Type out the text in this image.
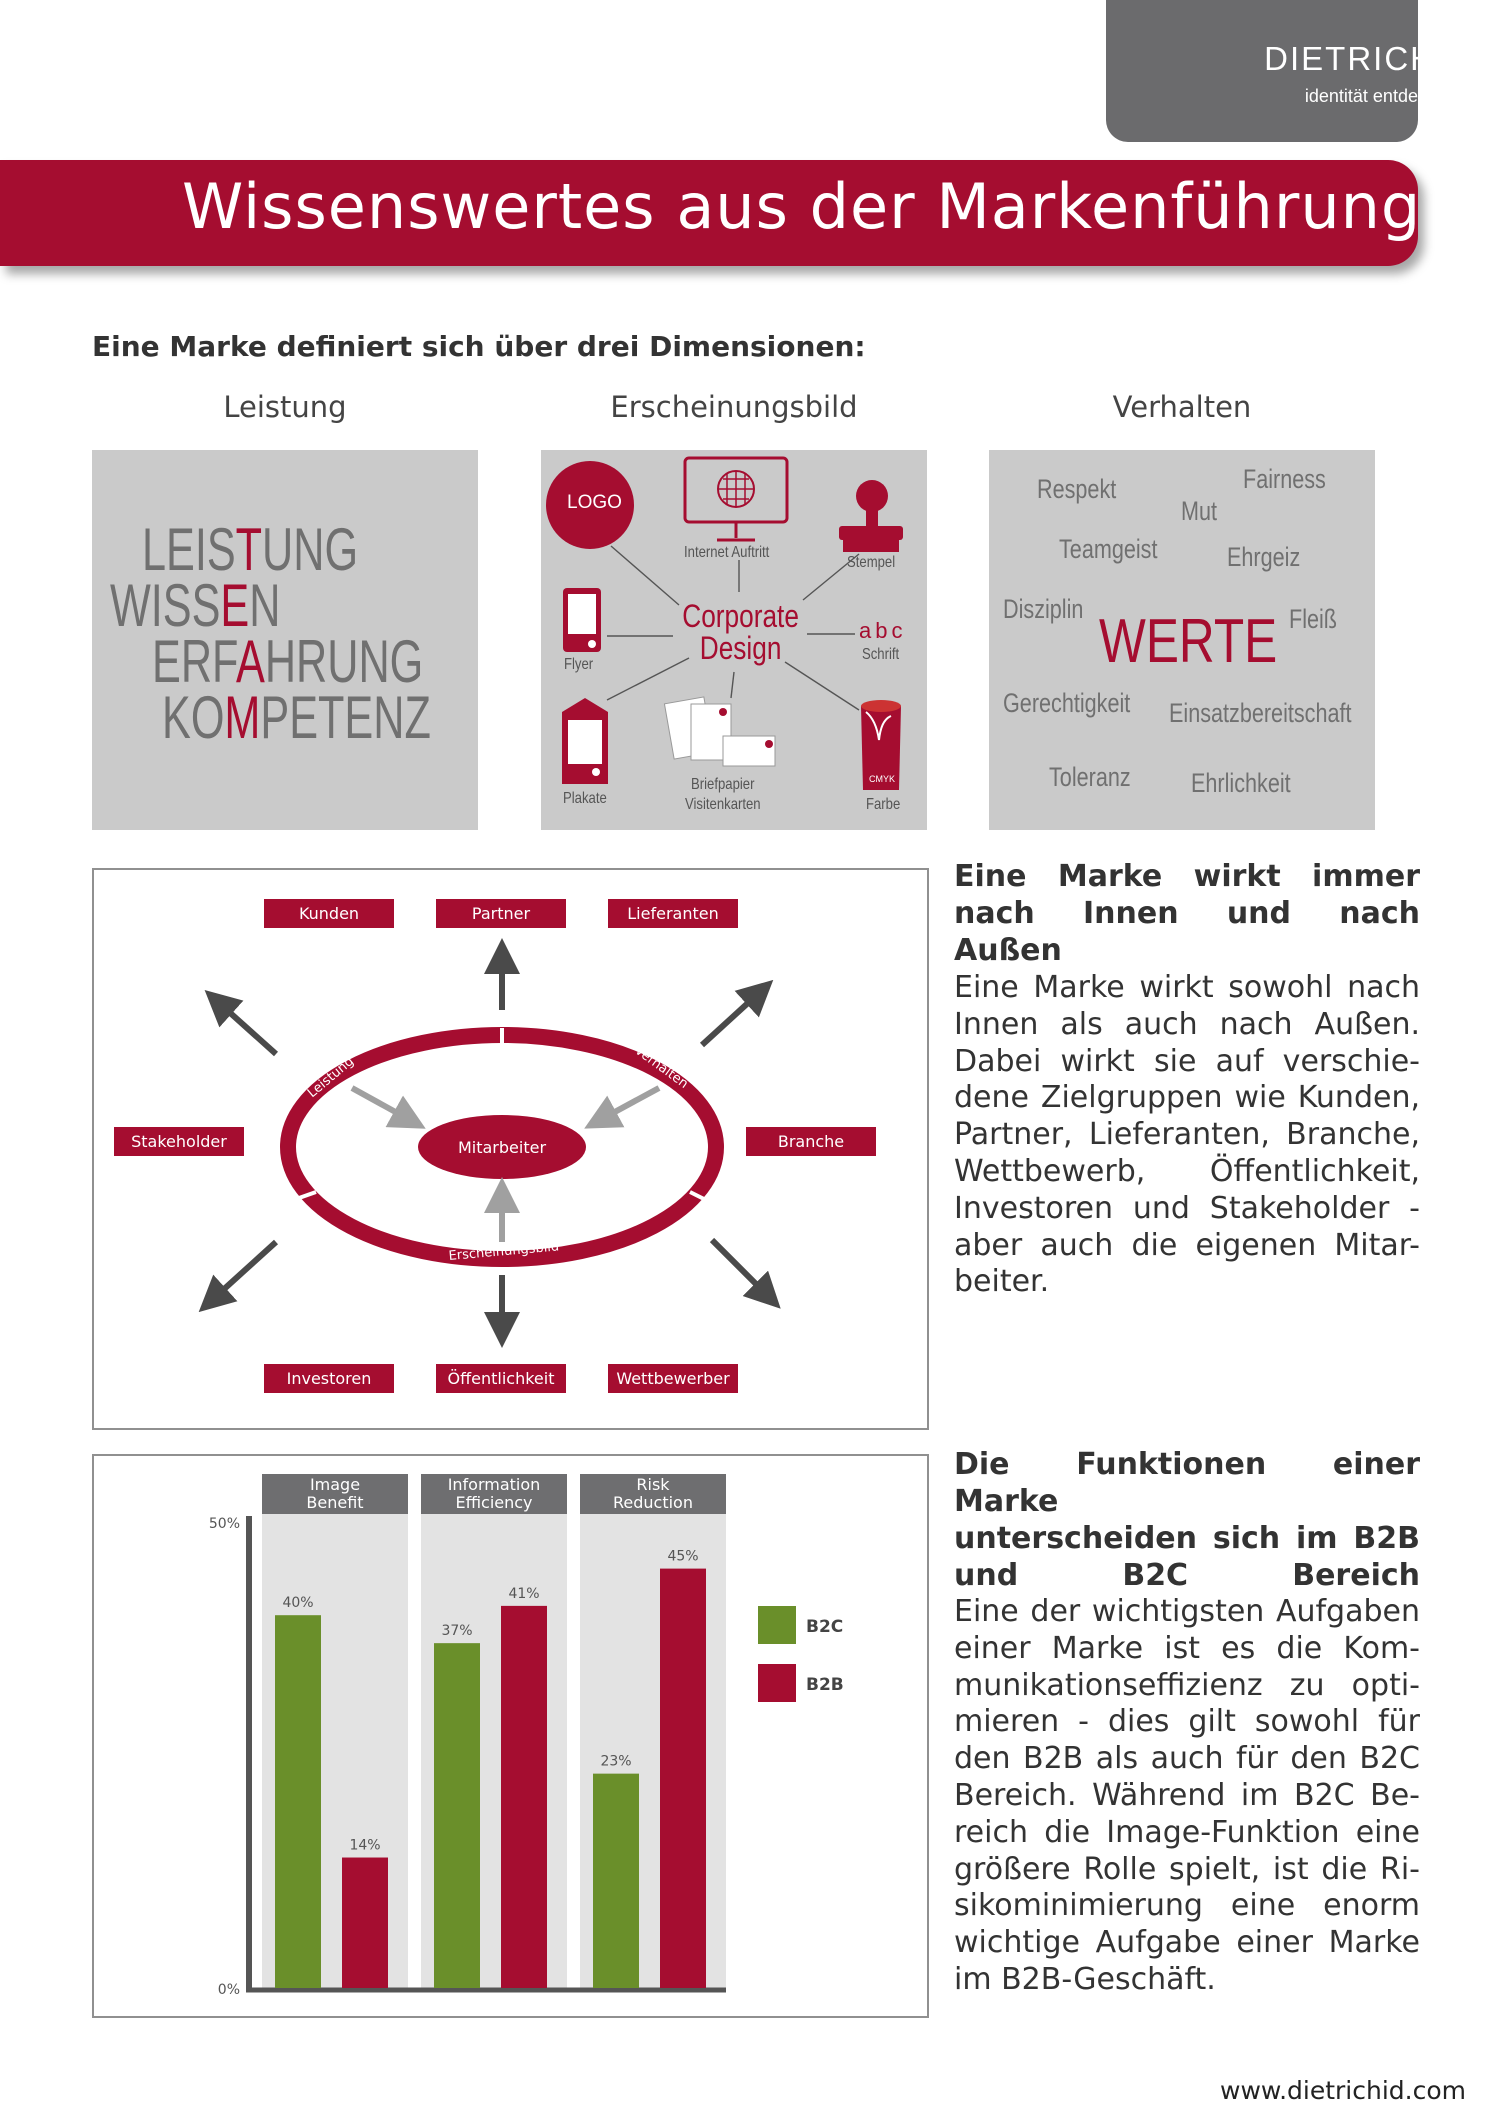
DIETRICH
identität entdecken
Wissenswertes aus der Markenführung
Eine Marke definiert sich über drei Dimensionen:
Leistung	Erscheinungsbild	Verhalten
LEISTUNG
WISSEN
ERFAHRUNG
KOMPETENZ
LOGO
Internet Auftritt
Stempel
Corporate
Design
Flyer
abc
Schrift
Plakate
Briefpapier
Visitenkarten
CMYK
Farbe
Respekt	Fairness
Mut
Teamgeist	Ehrgeiz
Disziplin	Fleiß
WERTE
Gerechtigkeit Einsatzbereitschaft
Toleranz Ehrlichkeit
Kunden	Partner	Lieferanten
Stakeholder	Branche
Investoren	Öffentlichkeit	Wettbewerber
Mitarbeiter
Leistung	Verhalten
Erscheinungsbild
Eine Marke wirkt immer
nach Innen und nach Außen
Eine Marke wirkt sowohl nach
Innen als auch nach Außen.
Dabei wirkt sie auf verschie-
dene Zielgruppen wie Kunden,
Partner, Lieferanten, Branche,
Wettbewerb, Öffentlichkeit,
Investoren und Stakeholder -
aber auch die eigenen Mitar-
beiter.
Image
Benefit
Information
Efficiency
Risk
Reduction
50%
0%
40%
14%
37%
41%
23%
45%
B2C
B2B
Die Funktionen einer Marke
unterscheiden sich im B2B
und B2C Bereich
Eine der wichtigsten Aufgaben
einer Marke ist es die Kom-
munikationseffizienz zu opti-
mieren - dies gilt sowohl für
den B2B als auch für den B2C
Bereich. Während im B2C Be-
reich die Image-Funktion eine
größere Rolle spielt, ist die Ri-
sikominimierung eine enorm
wichtige Aufgabe einer Marke
im B2B-Geschäft.
www.dietrichid.com
